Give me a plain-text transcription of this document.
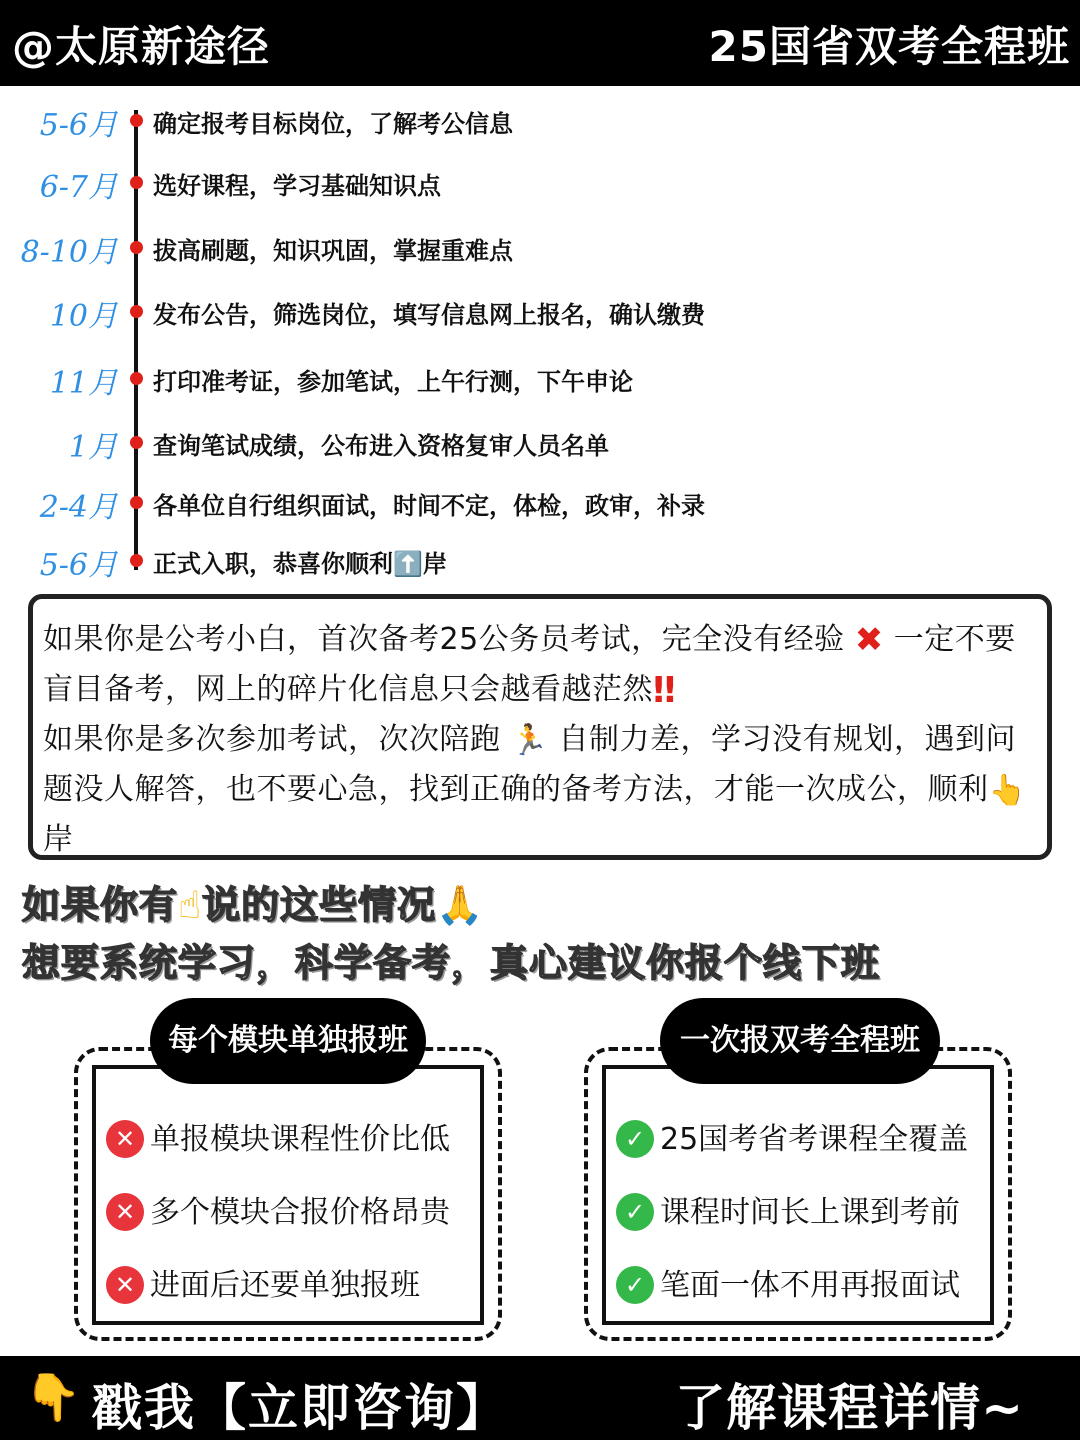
@太原新途径	25国省双考全程班
5-6月 确定报考目标岗位，了解考公信息
6-7月 选好课程，学习基础知识点
8-10月 拔高刷题，知识巩固，掌握重难点
10月 发布公告，筛选岗位，填写信息网上报名，确认缴费
11月 打印准考证，参加笔试，上午行测，下午申论
1月 查询笔试成绩，公布进入资格复审人员名单
2-4月 各单位自行组织面试，时间不定，体检，政审，补录
5-6月 正式入职，恭喜你顺利⬆️岸

如果你是公考小白，首次备考25公务员考试，完全没有经验 ✖ 一定不要盲目备考，网上的碎片化信息只会越看越茫然‼

如果你是多次参加考试，次次陪跑 🏃 自制力差，学习没有规划，遇到问题没人解答，也不要心急，找到正确的备考方法，才能一次成公，顺利👆岸

如果你有☝说的这些情况🙏
想要系统学习，科学备考，真心建议你报个线下班
✕ 单报模块课程性价比低
✕ 多个模块合报价格昂贵
✕ 进面后还要单独报班
每个模块单独报班
✓ 25国考省考课程全覆盖
✓ 课程时间长上课到考前
✓ 笔面一体不用再报面试
一次报双考全程班
👇 戳我【立即咨询】	了解课程详情~
